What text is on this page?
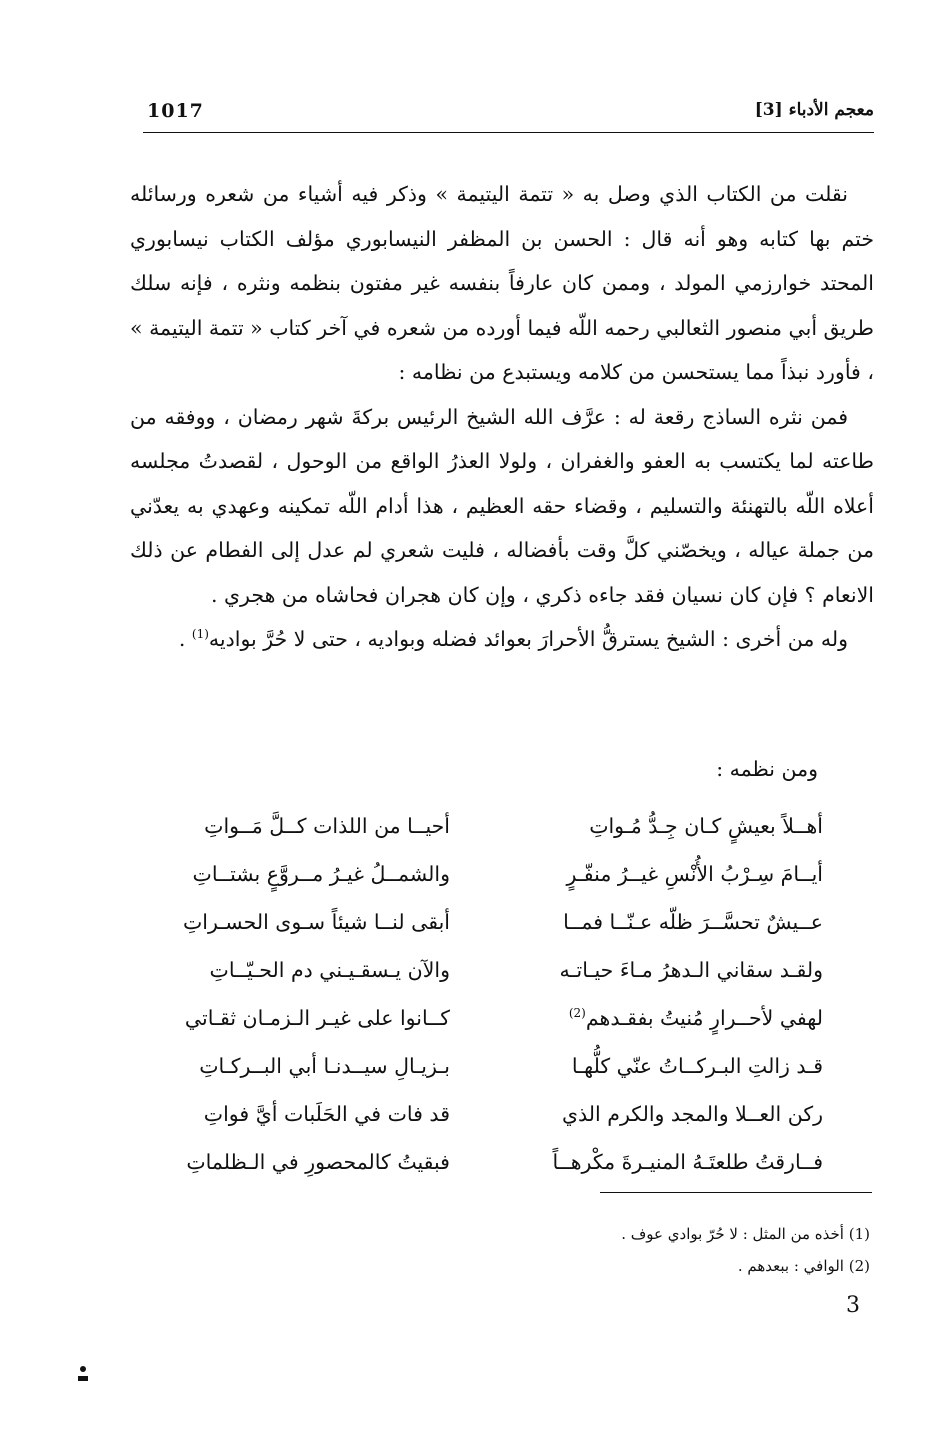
1017	معجم الأدباء [3]

نقلت من الكتاب الذي وصل به « تتمة اليتيمة » وذكر فيه أشياء من شعره ورسائله ختم بها كتابه وهو أنه قال : الحسن بن المظفر النيسابوري مؤلف الكتاب نيسابوري المحتد خوارزمي المولد ، وممن كان عارفاً بنفسه غير مفتون بنظمه ونثره ، فإنه سلك طريق أبي منصور الثعالبي رحمه اللّه فيما أورده من شعره في آخر كتاب « تتمة اليتيمة » ، فأورد نبذاً مما يستحسن من كلامه ويستبدع من نظامه :

فمن نثره الساذج رقعة له : عرَّف الله الشيخ الرئيس بركةَ شهر رمضان ، ووفقه من طاعته لما يكتسب به العفو والغفران ، ولولا العذرُ الواقع من الوحول ، لقصدتُ مجلسه أعلاه اللّه بالتهنئة والتسليم ، وقضاء حقه العظيم ، هذا أدام اللّه تمكينه وعهدي به يعدّني من جملة عياله ، ويخصّني كلَّ وقت بأفضاله ، فليت شعري لم عدل إلى الفطام عن ذلك الانعام ؟ فإن كان نسيان فقد جاءه ذكري ، وإن كان هجران فحاشاه من هجري .

وله من أخرى : الشيخ يسترقُّ الأحرارَ بعوائد فضله وبواديه ، حتى لا حُرَّ بواديه$^{(1)}$ .

ومن نظمه :
أهــلاً بعيشٍ كـان جِـدُّ مُـواتِ
أحيــا من اللذات كــلَّ مَــواتِ
أيــامَ سِـرْبُ الأُنْسِ غيــرُ منفّـرٍ
والشمــلُ غيـرُ مــروَّعٍ بشتــاتِ
عــيشٌ تحسَّــرَ ظلّه عـنّــا فمــا
أبقى لنــا شيئاً سـوى الحسـراتِ
ولقـد سقاني الـدهرُ مـاءَ حيـاتـه
والآن يـسقـيـني دم الحـيّــاتِ
لهفي لأحــرارٍ مُنيتُ بفقـدهم$^{(2)}$
كــانوا على غيـر الـزمـان ثقـاتي
قـد زالتِ البـركــاتُ عنّي كلُّهـا
بـزيـالِ سيــدنـا أبي البــركـاتِ
ركن العــلا والمجد والكرم الذي
قد فات في الحَلَبات أيَّ فواتِ
فــارقتُ طلعتَـهُ المنيـرةَ مكْرهــاً
فبقيتُ كالمحصورِ في الـظلماتِ

(1) أخذه من المثل : لا حُرّ بوادي عوف .

(2) الوافي : ببعدهم .

3
